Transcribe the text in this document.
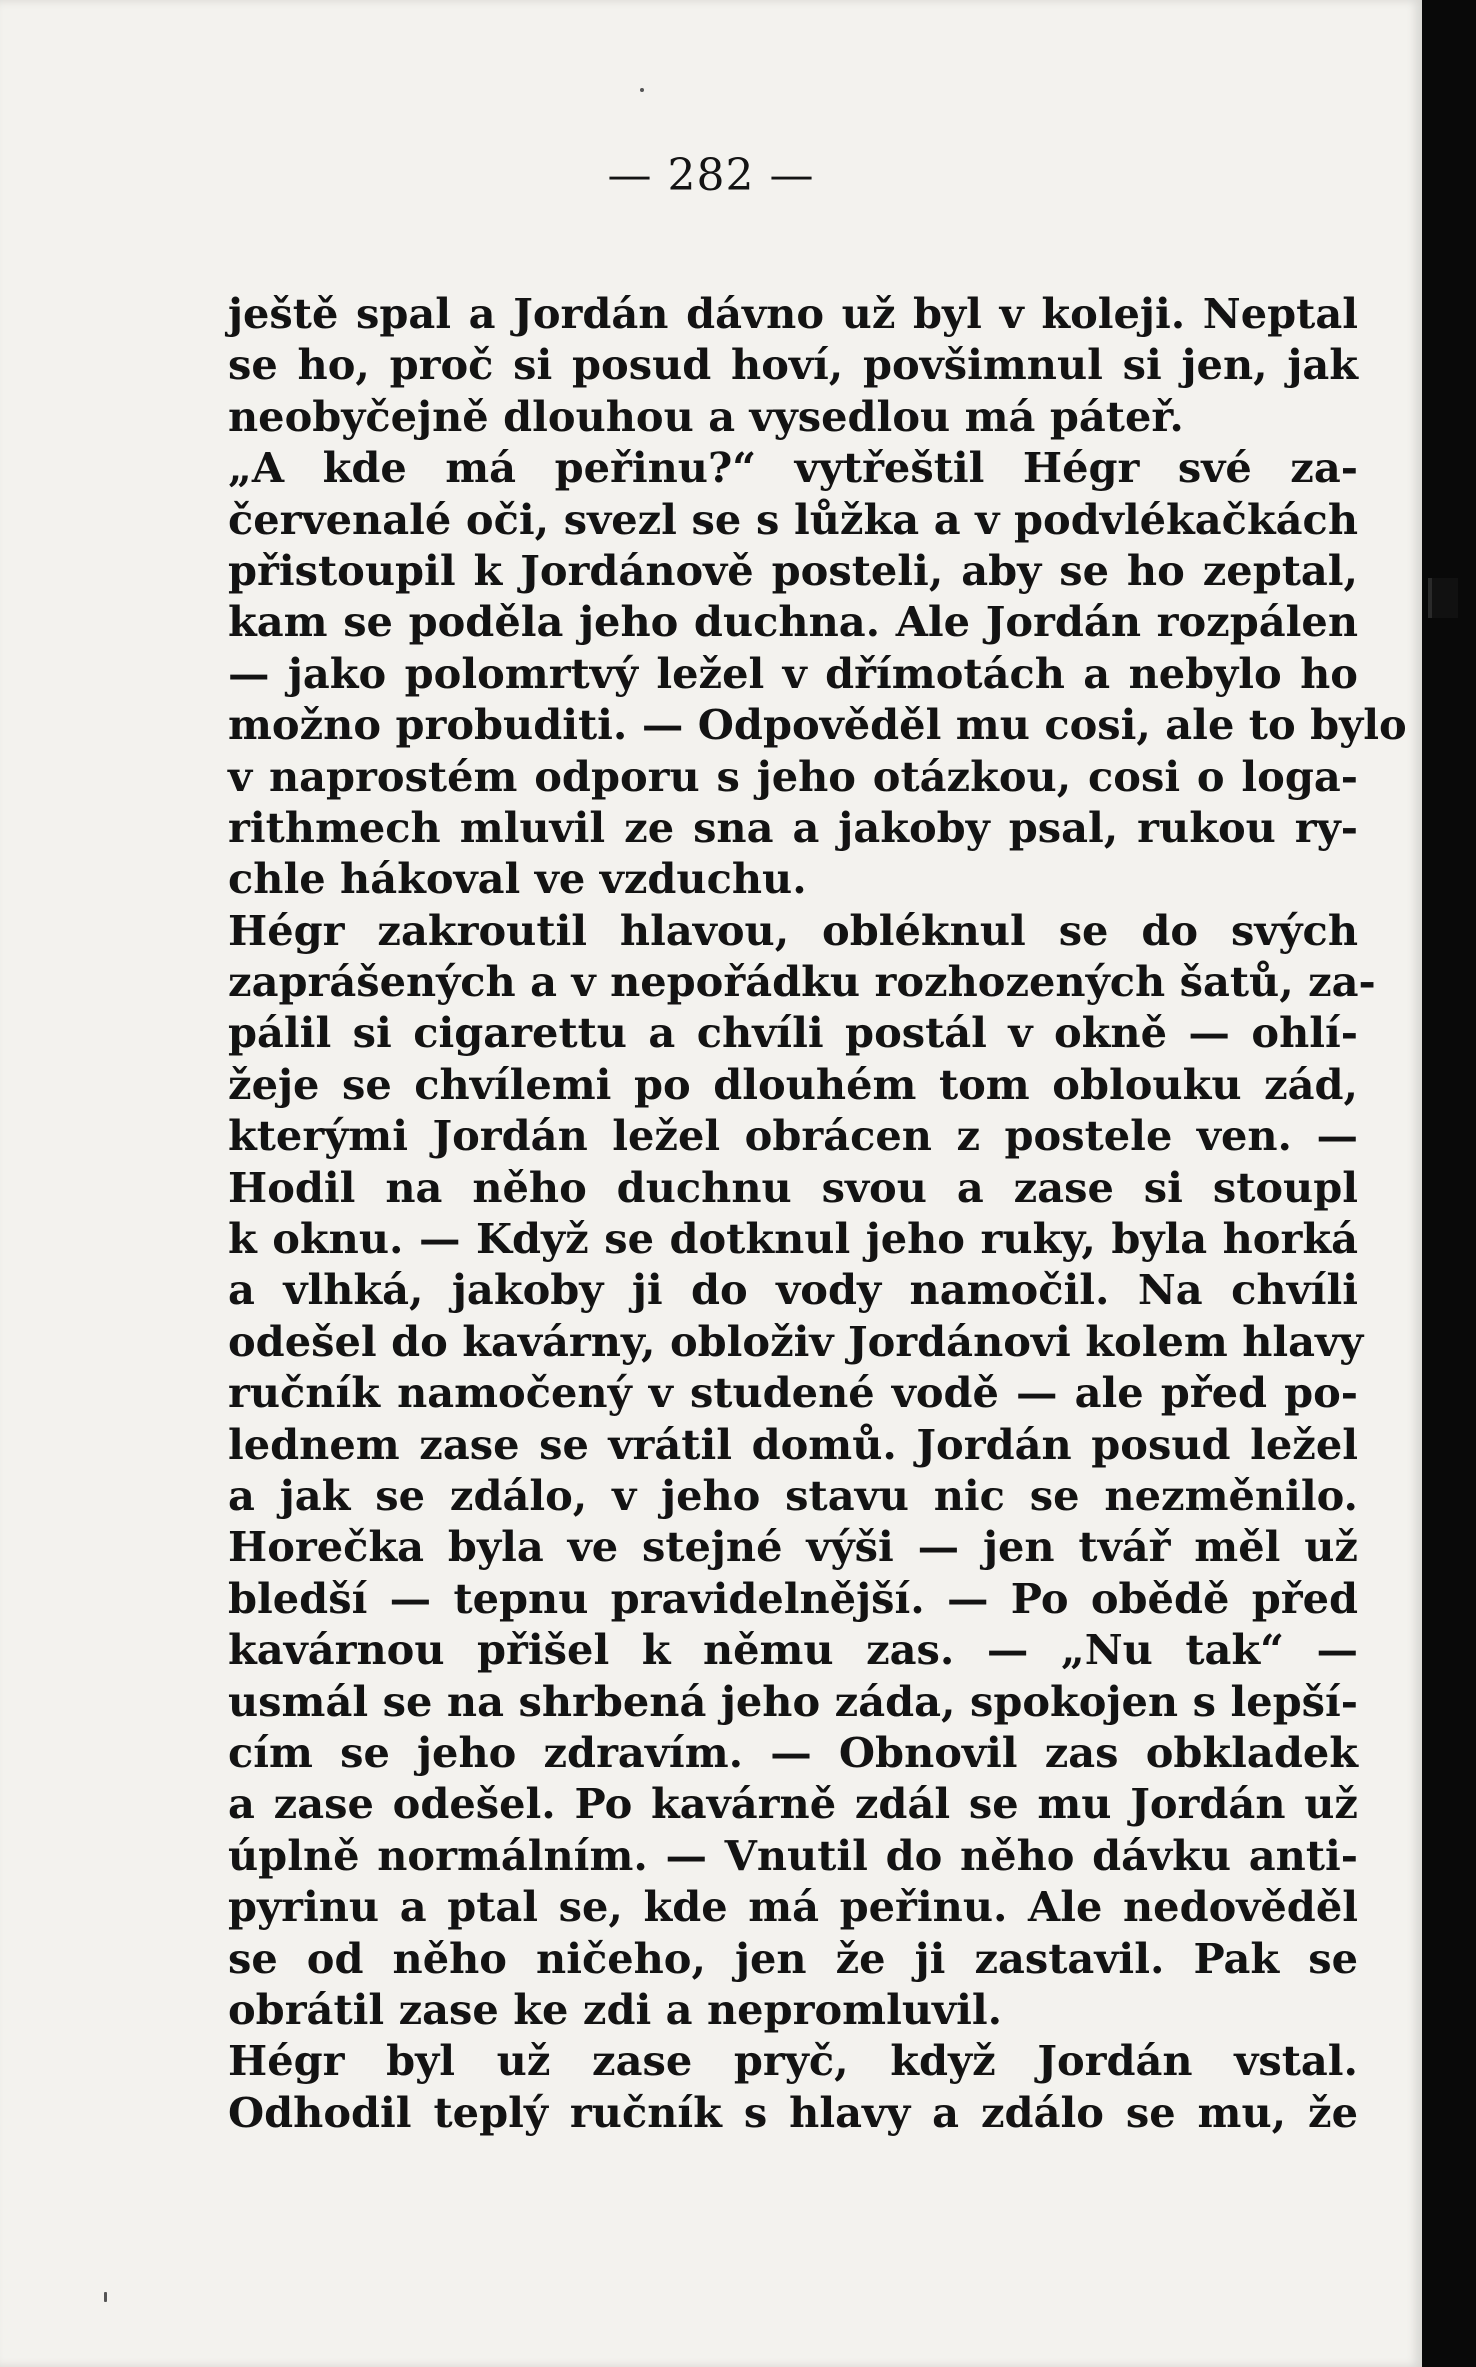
— 282 —
ještě spal a Jordán dávno už byl v koleji. Neptal
se ho, proč si posud hoví, povšimnul si jen, jak
neobyčejně dlouhou a vysedlou má páteř.
„A kde má peřinu?“ vytřeštil Hégr své za-
červenalé oči, svezl se s lůžka a v podvlékačkách
přistoupil k Jordánově posteli, aby se ho zeptal,
kam se poděla jeho duchna. Ale Jordán rozpálen
— jako polomrtvý ležel v dřímotách a nebylo ho
možno probuditi. — Odpověděl mu cosi, ale to bylo
v naprostém odporu s jeho otázkou, cosi o loga-
rithmech mluvil ze sna a jakoby psal, rukou ry-
chle hákoval ve vzduchu.
Hégr zakroutil hlavou, obléknul se do svých
zaprášených a v nepořádku rozhozených šatů, za-
pálil si cigarettu a chvíli postál v okně — ohlí-
žeje se chvílemi po dlouhém tom oblouku zád,
kterými Jordán ležel obrácen z postele ven. —
Hodil na něho duchnu svou a zase si stoupl
k oknu. — Když se dotknul jeho ruky, byla horká
a vlhká, jakoby ji do vody namočil. Na chvíli
odešel do kavárny, obloživ Jordánovi kolem hlavy
ručník namočený v studené vodě — ale před po-
lednem zase se vrátil domů. Jordán posud ležel
a jak se zdálo, v jeho stavu nic se nezměnilo.
Horečka byla ve stejné výši — jen tvář měl už
bledší — tepnu pravidelnější. — Po obědě před
kavárnou přišel k němu zas. — „Nu tak“ —
usmál se na shrbená jeho záda, spokojen s lepší-
cím se jeho zdravím. — Obnovil zas obkladek
a zase odešel. Po kavárně zdál se mu Jordán už
úplně normálním. — Vnutil do něho dávku anti-
pyrinu a ptal se, kde má peřinu. Ale nedověděl
se od něho ničeho, jen že ji zastavil. Pak se
obrátil zase ke zdi a nepromluvil.
Hégr byl už zase pryč, když Jordán vstal.
Odhodil teplý ručník s hlavy a zdálo se mu, že
